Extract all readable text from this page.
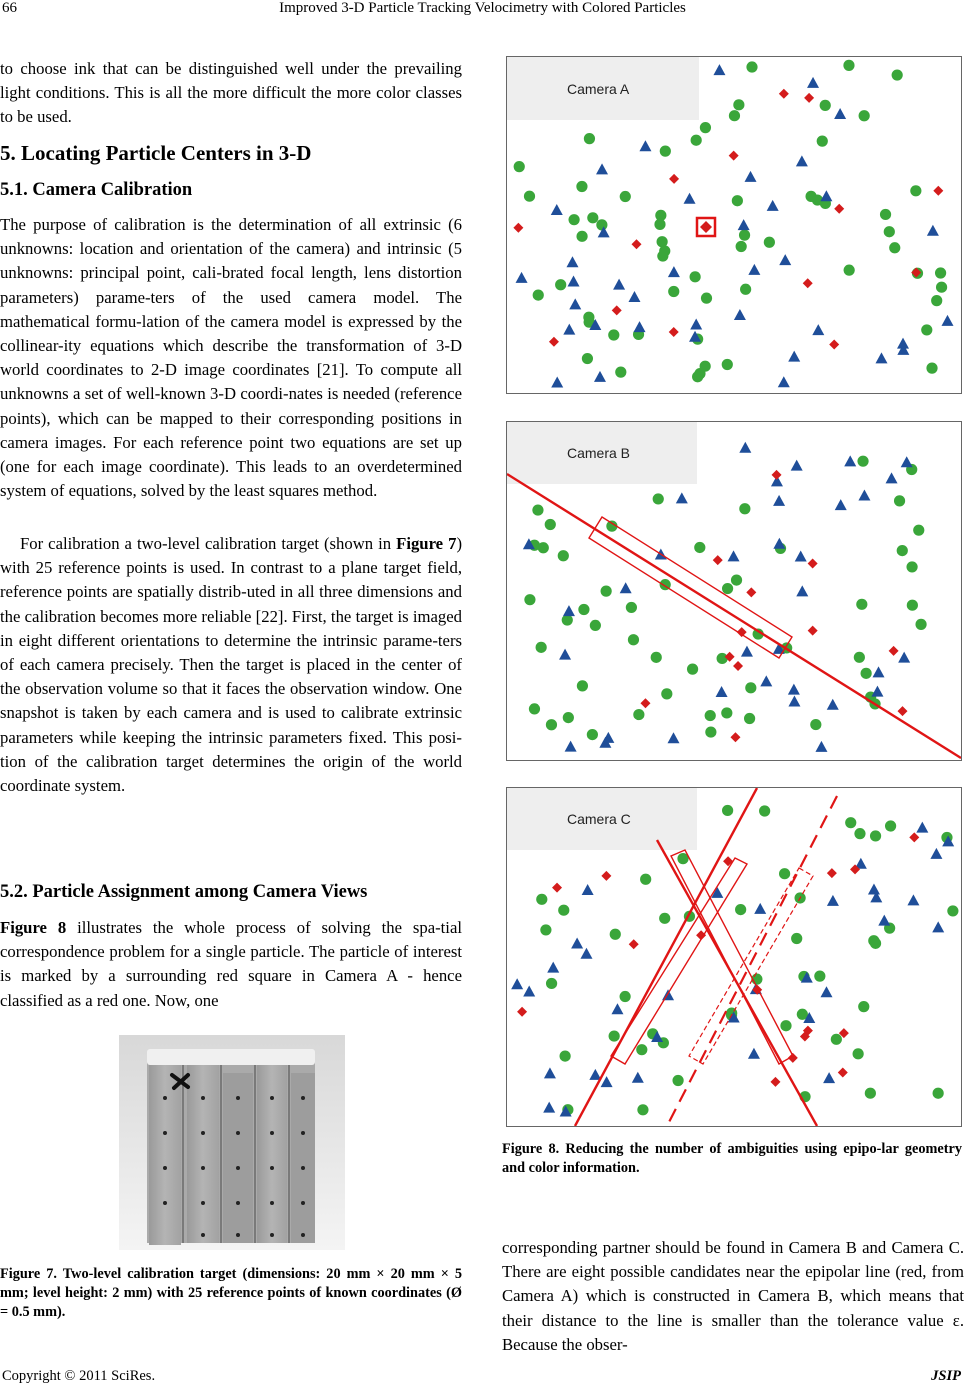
66	Improved 3-D Particle Tracking Velocimetry with Colored Particles

to choose ink that can be distinguished well under the prevailing light conditions. This is all the more difficult the more color classes to be used.

5. Locating Particle Centers in 3-D
5.1. Camera Calibration

The purpose of calibration is the determination of all extrinsic (6 unknowns: location and orientation of the camera) and intrinsic (5 unknowns: principal point, cali-brated focal length, lens distortion parameters) parame-ters of the used camera model. The mathematical formu-lation of the camera model is expressed by the collinear-ity equations which describe the transformation of 3-D world coordinates to 2-D image coordinates [21]. To compute all unknowns a set of well-known 3-D coordi-nates is needed (reference points), which can be mapped to their corresponding positions in camera images. For each reference point two equations are set up (one for each image coordinate). This leads to an overdetermined system of equations, solved by the least squares method.

For calibration a two-level calibration target (shown in Figure 7) with 25 reference points is used. In contrast to a plane target field, reference points are spatially distrib-uted in all three dimensions and the calibration becomes more reliable [22]. First, the target is imaged in eight different orientations to determine the intrinsic parame-ters of each camera precisely. Then the target is placed in the center of the observation volume so that it faces the observation window. One snapshot is taken by each camera and is used to calibrate extrinsic parameters while keeping the intrinsic parameters fixed. This posi-tion of the calibration target determines the origin of the world coordinate system.

5.2. Particle Assignment among Camera Views

Figure 8 illustrates the whole process of solving the spa-tial correspondence problem for a single particle. The particle of interest is marked by a surrounding red square in Camera A - hence classified as a red one. Now, one

Figure 7. Two-level calibration target (dimensions: 20 mm × 20 mm × 5 mm; level height: 2 mm) with 25 reference points of known coordinates (Ø = 0.5 mm).
Camera A
Camera B
Camera C
Figure 8. Reducing the number of ambiguities using epipo-lar geometry and color information.

corresponding partner should be found in Camera B and Camera C. There are eight possible candidates near the epipolar line (red, from Camera A) which is constructed in Camera B, which means that their distance to the line is smaller than the tolerance value ε. Because the obser-

Copyright © 2011 SciRes.	JSIP
